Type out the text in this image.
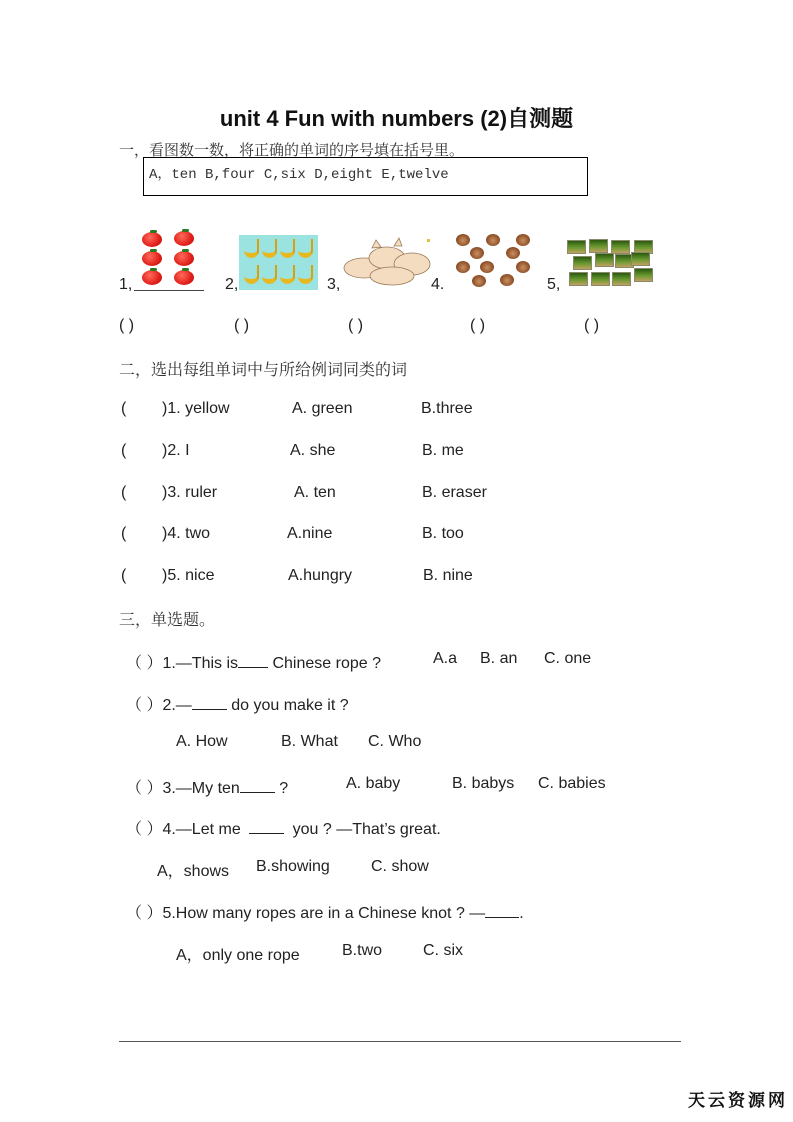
unit 4 Fun with numbers (2)自测题
一，看图数一数，将正确的单词的序号填在括号里。
A，ten B,four C,six D,eight E,twelve
1,	2,	3,	4.	5,
( )	( )	( )	( )	( )
二，选出每组单词中与所给例词同类的词
( )1. yellow	A. green	B.three
( )2. I	A. she	B. me
( )3. ruler	A. ten	B. eraser
( )4. two	A.nine	B. too
( )5. nice	A.hungry	B. nine
三，单选题。
（ ）1.—This is Chinese rope ?	A.a B. an C. one
（ ）2.— do you make it ?
A. How	B. What C. Who
（ ）3.—My ten ?	A. baby	B. babys C. babies
（ ）4.—Let me	you ? —That’s great.
A，shows B.showing	C. show
（ ）5.How many ropes are in a Chinese knot ? — .
A，only one rope	B.two	C. six
天云资源网
